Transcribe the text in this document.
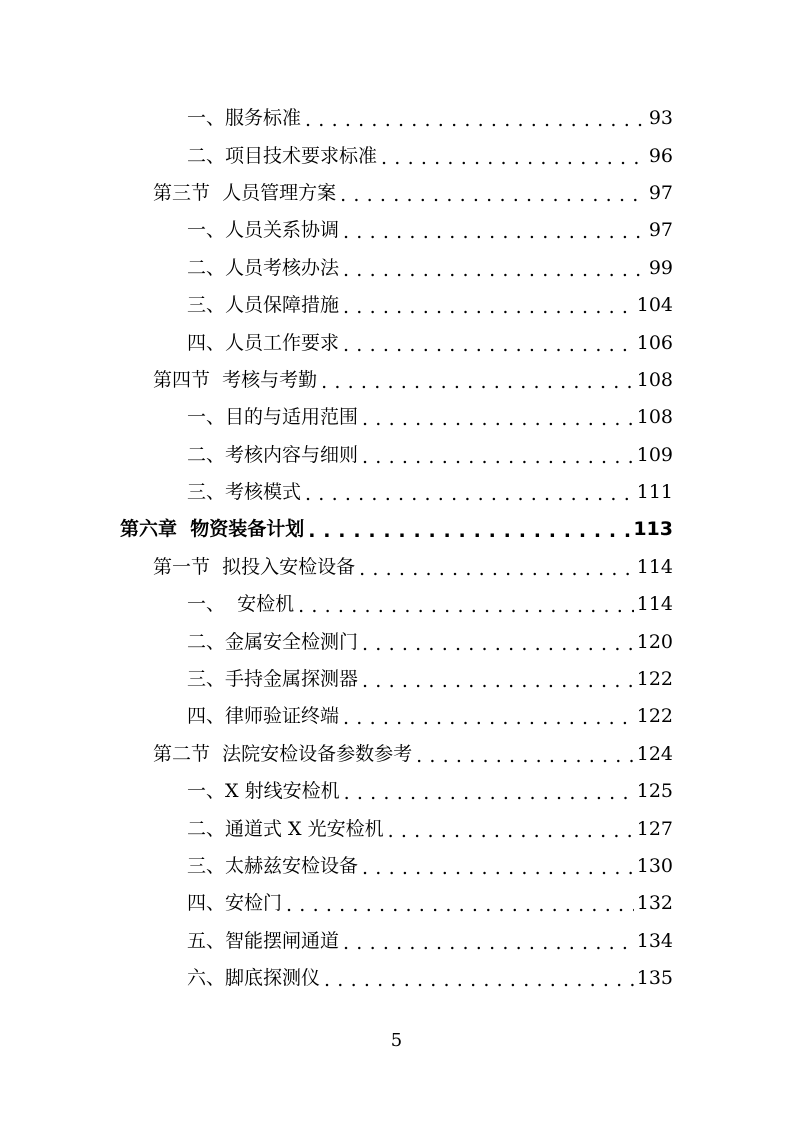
一、服务标准 . . .	93
二、项目技术要求标准 . . .	96
第三节  人员管理方案 . . .	97
一、人员关系协调 . . .	97
二、人员考核办法 . . .	99
三、人员保障措施 . . .	104
四、人员工作要求 . . .	106
第四节  考核与考勤 . . .	108
一、目的与适用范围 . . .	108
二、考核内容与细则 . . .	109
三、考核模式 . . .	111
第六章  物资装备计划 . . .	113
第一节  拟投入安检设备 . . .	114
一、  安检机 . . .	114
二、金属安全检测门 . . .	120
三、手持金属探测器 . . .	122
四、律师验证终端 . . .	122
第二节  法院安检设备参数参考 . . .	124
一、X 射线安检机 . . .	125
二、通道式 X 光安检机 . . .	127
三、太赫兹安检设备 . . .	130
四、安检门 . . .	132
五、智能摆闸通道 . . .	134
六、脚底探测仪 . . .	135
5
